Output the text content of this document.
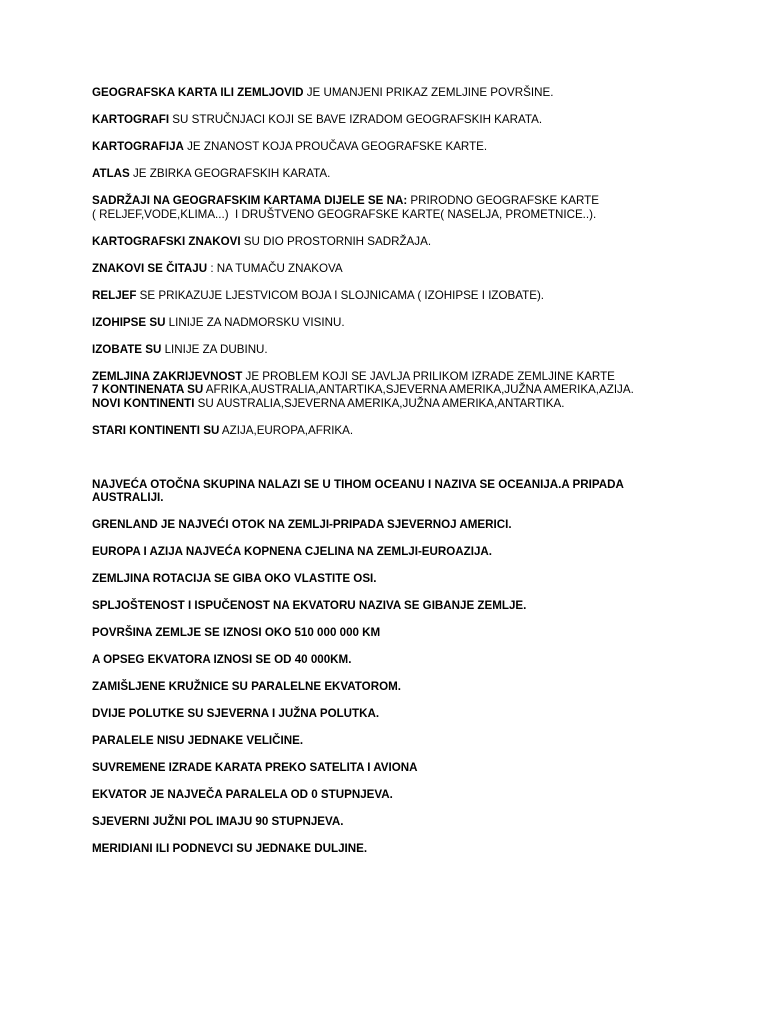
GEOGRAFSKA KARTA ILI ZEMLJOVID JE UMANJENI PRIKAZ ZEMLJINE POVRŠINE.

KARTOGRAFI SU STRUČNJACI KOJI SE BAVE IZRADOM GEOGRAFSKIH KARATA.

KARTOGRAFIJA JE ZNANOST KOJA PROUČAVA GEOGRAFSKE KARTE.

ATLAS JE ZBIRKA GEOGRAFSKIH KARATA.

SADRŽAJI NA GEOGRAFSKIM KARTAMA DIJELE SE NA: PRIRODNO GEOGRAFSKE KARTE
( RELJEF,VODE,KLIMA...)  I DRUŠTVENO GEOGRAFSKE KARTE( NASELJA, PROMETNICE..).

KARTOGRAFSKI ZNAKOVI SU DIO PROSTORNIH SADRŽAJA.

ZNAKOVI SE ČITAJU : NA TUMAČU ZNAKOVA

RELJEF SE PRIKAZUJE LJESTVICOM BOJA I SLOJNICAMA ( IZOHIPSE I IZOBATE).

IZOHIPSE SU LINIJE ZA NADMORSKU VISINU.

IZOBATE SU LINIJE ZA DUBINU.

ZEMLJINA ZAKRIJEVNOST JE PROBLEM KOJI SE JAVLJA PRILIKOM IZRADE ZEMLJINE KARTE

7 KONTINENATA SU AFRIKA,AUSTRALIA,ANTARTIKA,SJEVERNA AMERIKA,JUŽNA AMERIKA,AZIJA.

NOVI KONTINENTI SU AUSTRALIA,SJEVERNA AMERIKA,JUŽNA AMERIKA,ANTARTIKA.

STARI KONTINENTI SU AZIJA,EUROPA,AFRIKA.

NAJVEĆA OTOČNA SKUPINA NALAZI SE U TIHOM OCEANU I NAZIVA SE OCEANIJA.A PRIPADA AUSTRALIJI.

GRENLAND JE NAJVEĆI OTOK NA ZEMLJI-PRIPADA SJEVERNOJ AMERICI.

EUROPA I AZIJA NAJVEĆA KOPNENA CJELINA NA ZEMLJI-EUROAZIJA.

ZEMLJINA ROTACIJA SE GIBA OKO VLASTITE OSI.

SPLJOŠTENOST I ISPUČENOST NA EKVATORU NAZIVA SE GIBANJE ZEMLJE.

POVRŠINA ZEMLJE SE IZNOSI OKO 510 000 000 KM

A OPSEG EKVATORA IZNOSI SE OD 40 000KM.

ZAMIŠLJENE KRUŽNICE SU PARALELNE EKVATOROM.

DVIJE POLUTKE SU SJEVERNA I JUŽNA POLUTKA.

PARALELE NISU JEDNAKE VELIČINE.

SUVREMENE IZRADE KARATA PREKO SATELITA I AVIONA

EKVATOR JE NAJVEČA PARALELA OD 0 STUPNJEVA.

SJEVERNI JUŽNI POL IMAJU 90 STUPNJEVA.

MERIDIANI ILI PODNEVCI SU JEDNAKE DULJINE.
